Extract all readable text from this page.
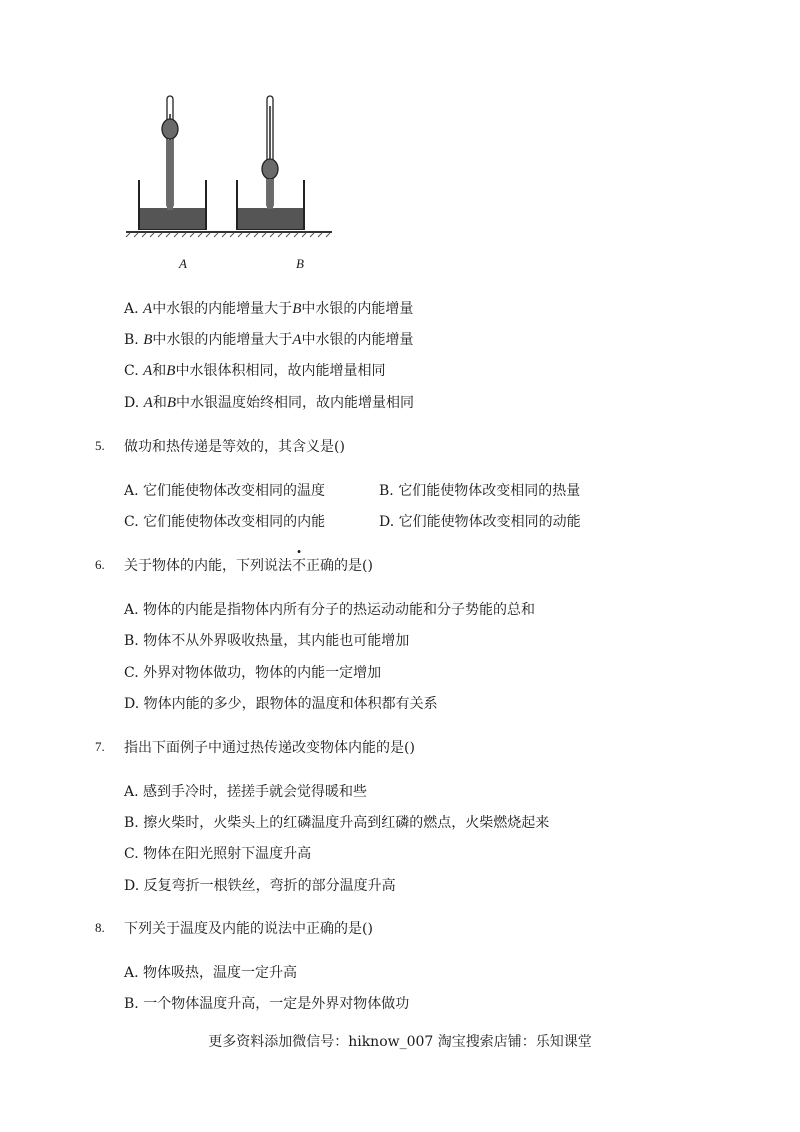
A	B
A. A中水银的内能增量大于B中水银的内能增量
B. B中水银的内能增量大于A中水银的内能增量
C. A和B中水银体积相同，故内能增量相同
D. A和B中水银温度始终相同，故内能增量相同
5. 做功和热传递是等效的，其含义是()
A. 它们能使物体改变相同的温度	B. 它们能使物体改变相同的热量
C. 它们能使物体改变相同的内能	D. 它们能使物体改变相同的动能
6. 关于物体的内能，下列说法不正确的是()
A. 物体的内能是指物体内所有分子的热运动动能和分子势能的总和
B. 物体不从外界吸收热量，其内能也可能增加
C. 外界对物体做功，物体的内能一定增加
D. 物体内能的多少，跟物体的温度和体积都有关系
7. 指出下面例子中通过热传递改变物体内能的是()
A. 感到手冷时，搓搓手就会觉得暖和些
B. 擦火柴时，火柴头上的红磷温度升高到红磷的燃点，火柴燃烧起来
C. 物体在阳光照射下温度升高
D. 反复弯折一根铁丝，弯折的部分温度升高
8. 下列关于温度及内能的说法中正确的是()
A. 物体吸热，温度一定升高
B. 一个物体温度升高，一定是外界对物体做功
更多资料添加微信号：hiknow_007 淘宝搜索店铺：乐知课堂
